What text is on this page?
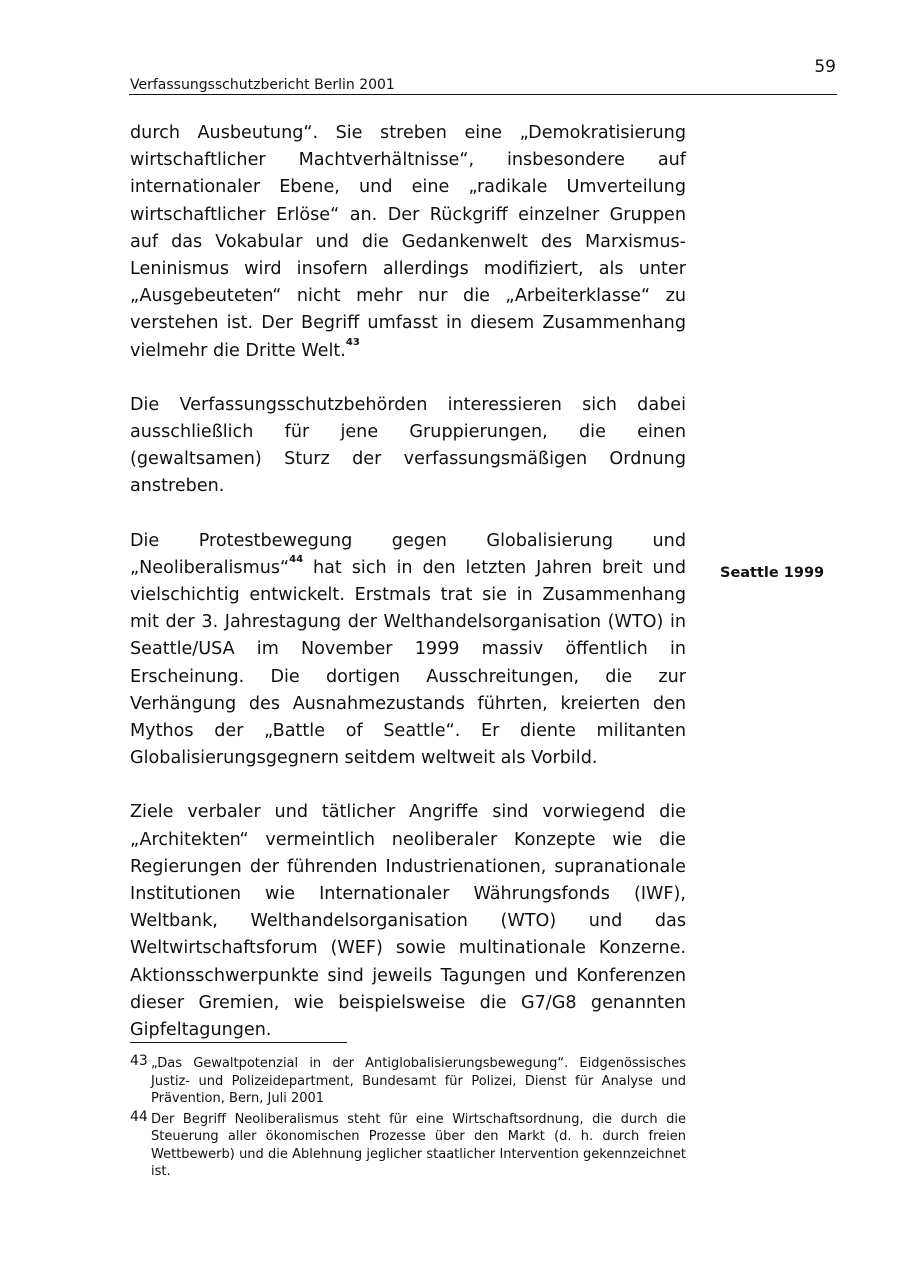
59
Verfassungsschutzbericht Berlin 2001

durch Ausbeutung“. Sie streben eine „Demokratisierung wirtschaftlicher Machtverhältnisse“, insbesondere auf internationaler Ebene, und eine „radikale Umverteilung wirtschaftlicher Erlöse“ an. Der Rückgriff einzelner Gruppen auf das Vokabular und die Gedankenwelt des Marxismus-Leninismus wird insofern allerdings modifiziert, als unter „Ausgebeuteten“ nicht mehr nur die „Arbeiterklasse“ zu verstehen ist. Der Begriff umfasst in diesem Zusammenhang vielmehr die Dritte Welt.$^{43}$

Die Verfassungsschutzbehörden interessieren sich dabei ausschließlich für jene Gruppierungen, die einen (gewaltsamen) Sturz der verfassungsmäßigen Ordnung anstreben.

Die Protestbewegung gegen Globalisierung und „Neoliberalismus“$^{44}$ hat sich in den letzten Jahren breit und vielschichtig entwickelt. Erstmals trat sie in Zusammenhang mit der 3. Jahrestagung der Welthandelsorganisation (WTO) in Seattle/USA im November 1999 massiv öffentlich in Erscheinung. Die dortigen Ausschreitungen, die zur Verhängung des Ausnahmezustands führten, kreierten den Mythos der „Battle of Seattle“. Er diente militanten Globalisierungsgegnern seitdem weltweit als Vorbild.

Ziele verbaler und tätlicher Angriffe sind vorwiegend die „Architekten“ vermeintlich neoliberaler Konzepte wie die Regierungen der führenden Industrienationen, supranationale Institutionen wie Internationaler Währungsfonds (IWF), Weltbank, Welthandelsorganisation (WTO) und das Weltwirtschaftsforum (WEF) sowie multinationale Konzerne. Aktionsschwerpunkte sind jeweils Tagungen und Konferenzen dieser Gremien, wie beispielsweise die G7/G8 genannten Gipfeltagungen.

Seattle 1999
43 „Das Gewaltpotenzial in der Antiglobalisierungsbewegung“. Eidgenössisches Justiz- und Polizeidepartment, Bundesamt für Polizei, Dienst für Analyse und Prävention, Bern, Juli 2001
44 Der Begriff Neoliberalismus steht für eine Wirtschaftsordnung, die durch die Steuerung aller ökonomischen Prozesse über den Markt (d. h. durch freien Wettbewerb) und die Ablehnung jeglicher staatlicher Intervention gekennzeichnet ist.
